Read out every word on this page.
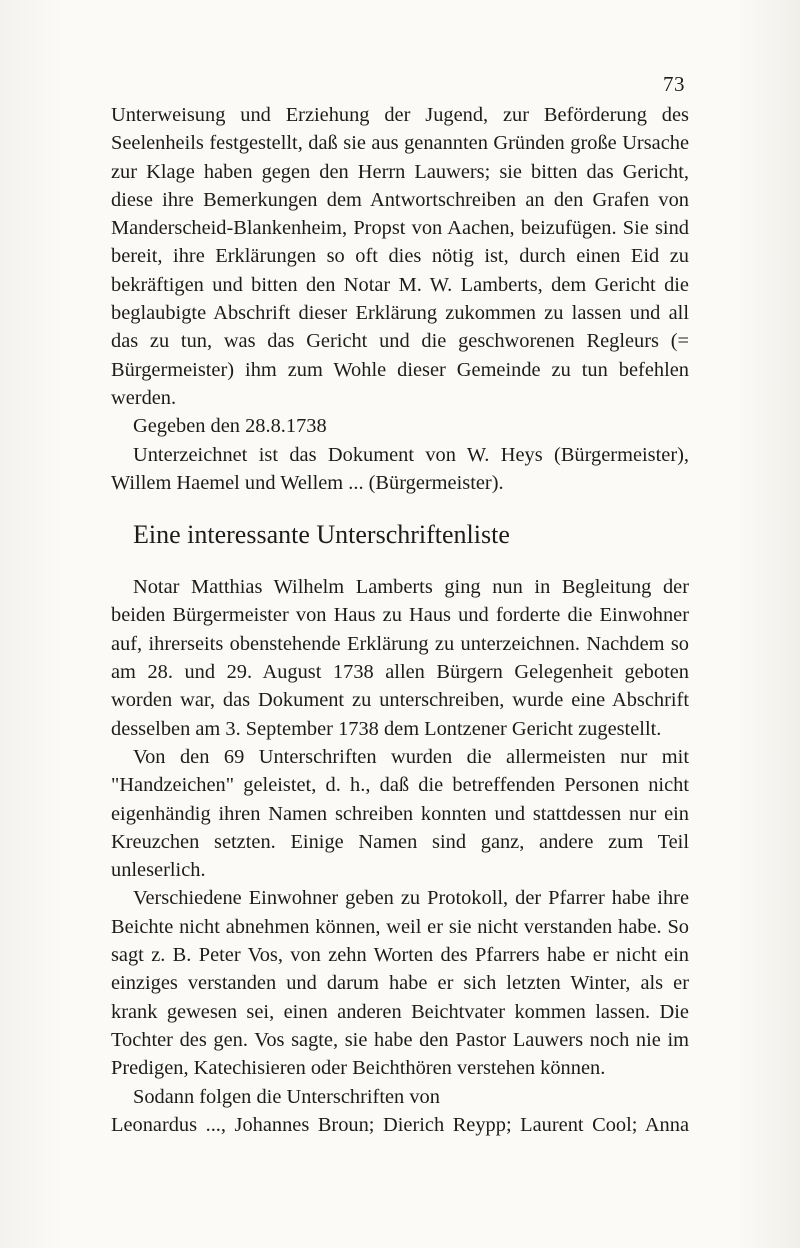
73

Unterweisung und Erziehung der Jugend, zur Beförderung des Seelenheils festgestellt, daß sie aus genannten Gründen große Ursache zur Klage haben gegen den Herrn Lauwers; sie bitten das Gericht, diese ihre Bemerkungen dem Antwortschreiben an den Grafen von Manderscheid-Blankenheim, Propst von Aachen, beizufügen. Sie sind bereit, ihre Erklärungen so oft dies nötig ist, durch einen Eid zu bekräftigen und bitten den Notar M. W. Lamberts, dem Gericht die beglaubigte Abschrift dieser Erklärung zukommen zu lassen und all das zu tun, was das Gericht und die geschworenen Regleurs (= Bürgermeister) ihm zum Wohle dieser Gemeinde zu tun befehlen werden.

Gegeben den 28.8.1738

Unterzeichnet ist das Dokument von W. Heys (Bürgermeister), Willem Haemel und Wellem ... (Bürgermeister).

Eine interessante Unterschriftenliste

Notar Matthias Wilhelm Lamberts ging nun in Begleitung der beiden Bürgermeister von Haus zu Haus und forderte die Einwohner auf, ihrerseits obenstehende Erklärung zu unterzeichnen. Nachdem so am 28. und 29. August 1738 allen Bürgern Gelegenheit geboten worden war, das Dokument zu unterschreiben, wurde eine Abschrift desselben am 3. September 1738 dem Lontzener Gericht zugestellt.

Von den 69 Unterschriften wurden die allermeisten nur mit "Handzeichen" geleistet, d. h., daß die betreffenden Personen nicht eigenhändig ihren Namen schreiben konnten und stattdessen nur ein Kreuzchen setzten. Einige Namen sind ganz, andere zum Teil unleserlich.

Verschiedene Einwohner geben zu Protokoll, der Pfarrer habe ihre Beichte nicht abnehmen können, weil er sie nicht verstanden habe. So sagt z. B. Peter Vos, von zehn Worten des Pfarrers habe er nicht ein einziges verstanden und darum habe er sich letzten Winter, als er krank gewesen sei, einen anderen Beichtvater kommen lassen. Die Tochter des gen. Vos sagte, sie habe den Pastor Lauwers noch nie im Predigen, Katechisieren oder Beichthören verstehen können.

Sodann folgen die Unterschriften von

Leonardus ..., Johannes Broun; Dierich Reypp; Laurent Cool; Anna
